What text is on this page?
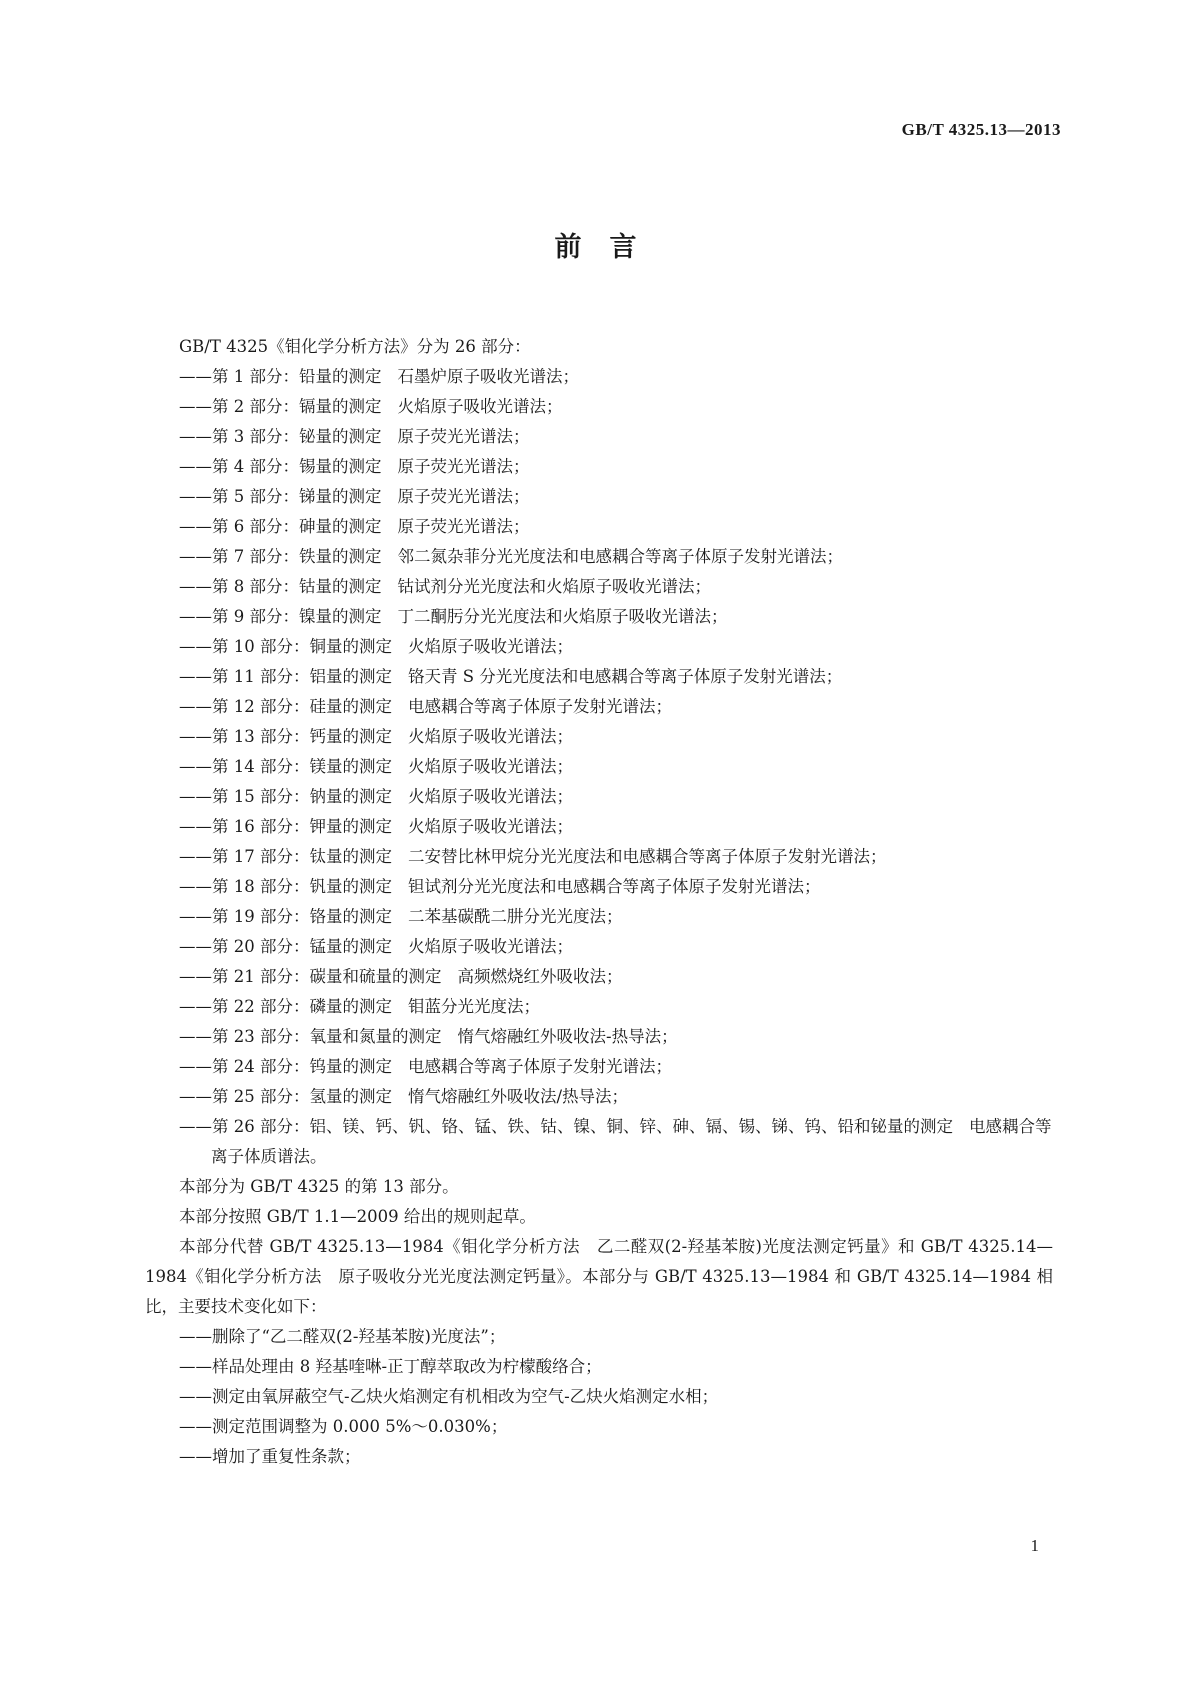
GB/T 4325.13—2013
前言

GB/T 4325《钼化学分析方法》分为 26 部分：

——第 1 部分：铅量的测定 石墨炉原子吸收光谱法；

——第 2 部分：镉量的测定 火焰原子吸收光谱法；

——第 3 部分：铋量的测定 原子荧光光谱法；

——第 4 部分：锡量的测定 原子荧光光谱法；

——第 5 部分：锑量的测定 原子荧光光谱法；

——第 6 部分：砷量的测定 原子荧光光谱法；

——第 7 部分：铁量的测定 邻二氮杂菲分光光度法和电感耦合等离子体原子发射光谱法；

——第 8 部分：钴量的测定 钴试剂分光光度法和火焰原子吸收光谱法；

——第 9 部分：镍量的测定 丁二酮肟分光光度法和火焰原子吸收光谱法；

——第 10 部分：铜量的测定 火焰原子吸收光谱法；

——第 11 部分：铝量的测定 铬天青 S 分光光度法和电感耦合等离子体原子发射光谱法；

——第 12 部分：硅量的测定 电感耦合等离子体原子发射光谱法；

——第 13 部分：钙量的测定 火焰原子吸收光谱法；

——第 14 部分：镁量的测定 火焰原子吸收光谱法；

——第 15 部分：钠量的测定 火焰原子吸收光谱法；

——第 16 部分：钾量的测定 火焰原子吸收光谱法；

——第 17 部分：钛量的测定 二安替比林甲烷分光光度法和电感耦合等离子体原子发射光谱法；

——第 18 部分：钒量的测定 钽试剂分光光度法和电感耦合等离子体原子发射光谱法；

——第 19 部分：铬量的测定 二苯基碳酰二肼分光光度法；

——第 20 部分：锰量的测定 火焰原子吸收光谱法；

——第 21 部分：碳量和硫量的测定 高频燃烧红外吸收法；

——第 22 部分：磷量的测定 钼蓝分光光度法；

——第 23 部分：氧量和氮量的测定 惰气熔融红外吸收法-热导法；

——第 24 部分：钨量的测定 电感耦合等离子体原子发射光谱法；

——第 25 部分：氢量的测定 惰气熔融红外吸收法/热导法；

——第 26 部分：铝、镁、钙、钒、铬、锰、铁、钴、镍、铜、锌、砷、镉、锡、锑、钨、铅和铋量的测定 电感耦合等离子体质谱法。

本部分为 GB/T 4325 的第 13 部分。

本部分按照 GB/T 1.1—2009 给出的规则起草。

本部分代替 GB/T 4325.13—1984《钼化学分析方法　乙二醛双(2-羟基苯胺)光度法测定钙量》和 GB/T 4325.14—1984《钼化学分析方法　原子吸收分光光度法测定钙量》。本部分与 GB/T 4325.13—1984 和 GB/T 4325.14—1984 相比，主要技术变化如下：

——删除了“乙二醛双(2-羟基苯胺)光度法”；

——样品处理由 8 羟基喹啉-正丁醇萃取改为柠檬酸络合；

——测定由氧屏蔽空气-乙炔火焰测定有机相改为空气-乙炔火焰测定水相；

——测定范围调整为 0.000 5%～0.030%；

——增加了重复性条款；

1
